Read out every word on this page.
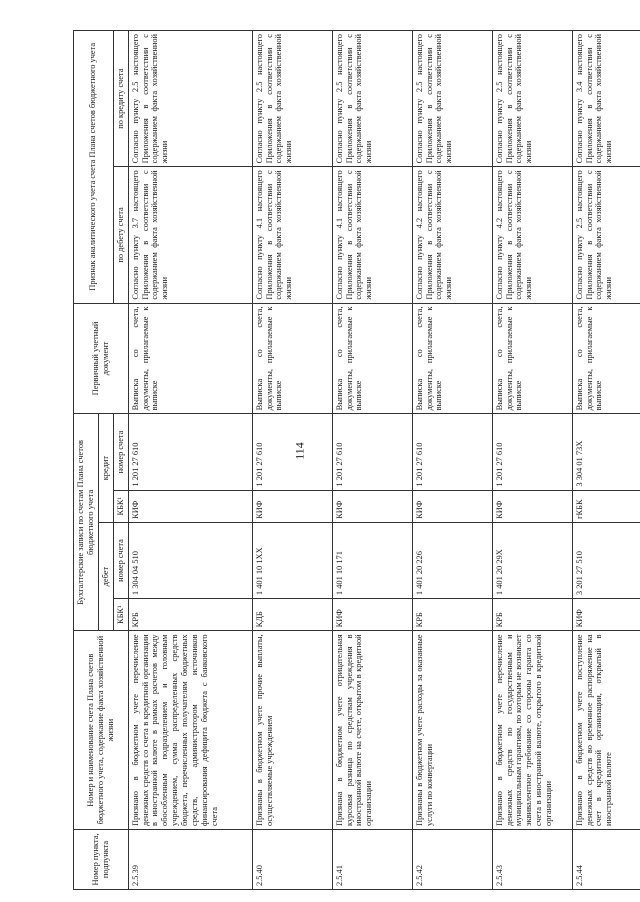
114
Номер пункта, подпункта	Номер и наименование счета Плана счетов бюджетного учета, содержание факта хозяйственной жизни	Бухгалтерские записи по счетам Плана счетов бюджетного учета				Первичный учетный документ	Признак аналитического учета счета Плана счетов бюджетного учета	
		дебет		кредит				
		КБК¹	номер счета	КБК¹	номер счета		по дебету счета	по кредиту счета
2.5.39	Признано в бюджетном учете перечисление денежных средств со счета в кредитной организации в иностранной валюте в рамках расчетов между обособленным подразделением и головным учреждением, сумма распределенных средств бюджета, перечисленных получателям бюджетных средств, администратором источников финансирования дефицита бюджета с банковского счета	КРБ	1 304 04 510	КИФ	1 201 27 610	Выписка со счета, документы, прилагаемые к выписке	Согласно пункту 3.7 настоящего Приложения в соответствии с содержанием факта хозяйственной жизни	Согласно пункту 2.5 настоящего Приложения в соответствии с содержанием факта хозяйственной жизни
2.5.40	Признаны в бюджетном учете прочие выплаты, осуществляемые учреждением	КДБ	1 401 10 1XX	КИФ	1 201 27 610	Выписка со счета, документы, прилагаемые к выписке	Согласно пункту 4.1 настоящего Приложения в соответствии с содержанием факта хозяйственной жизни	Согласно пункту 2.5 настоящего Приложения в соответствии с содержанием факта хозяйственной жизни
2.5.41	Признана в бюджетном учете отрицательная курсовая разница по средствам учреждения в иностранной валюте на счете, открытом в кредитной организации	КИФ	1 401 10 171	КИФ	1 201 27 610	Выписка со счета, документы, прилагаемые к выписке	Согласно пункту 4.1 настоящего Приложения в соответствии с содержанием факта хозяйственной жизни	Согласно пункту 2.5 настоящего Приложения в соответствии с содержанием факта хозяйственной жизни
2.5.42	Признаны в бюджетном учете расходы за оказанные услуги по конвертации	КРБ	1 401 20 226	КИФ	1 201 27 610	Выписка со счета, документы, прилагаемые к выписке	Согласно пункту 4.2 настоящего Приложения в соответствии с содержанием факта хозяйственной жизни	Согласно пункту 2.5 настоящего Приложения в соответствии с содержанием факта хозяйственной жизни
2.5.43	Признано в бюджетном учете перечисление денежных средств по государственным и муниципальным гарантиям, по которым не возникает эквивалентное требование со стороны гаранта со счета в иностранной валюте, открытого в кредитной организации	КРБ	1 401 20 29X	КИФ	1 201 27 610	Выписка со счета, документы, прилагаемые к выписке	Согласно пункту 4.2 настоящего Приложения в соответствии с содержанием факта хозяйственной жизни	Согласно пункту 2.5 настоящего Приложения в соответствии с содержанием факта хозяйственной жизни
2.5.44	Признано в бюджетном учете поступление денежных средств во временное распоряжение на счет в кредитной организации, открытый в иностранной валюте	КИФ	3 201 27 510	гКБК	3 304 01 73X	Выписка со счета, документы, прилагаемые к выписке	Согласно пункту 2.5 настоящего Приложения в соответствии с содержанием факта хозяйственной жизни	Согласно пункту 3.4 настоящего Приложения в соответствии с содержанием факта хозяйственной жизни
